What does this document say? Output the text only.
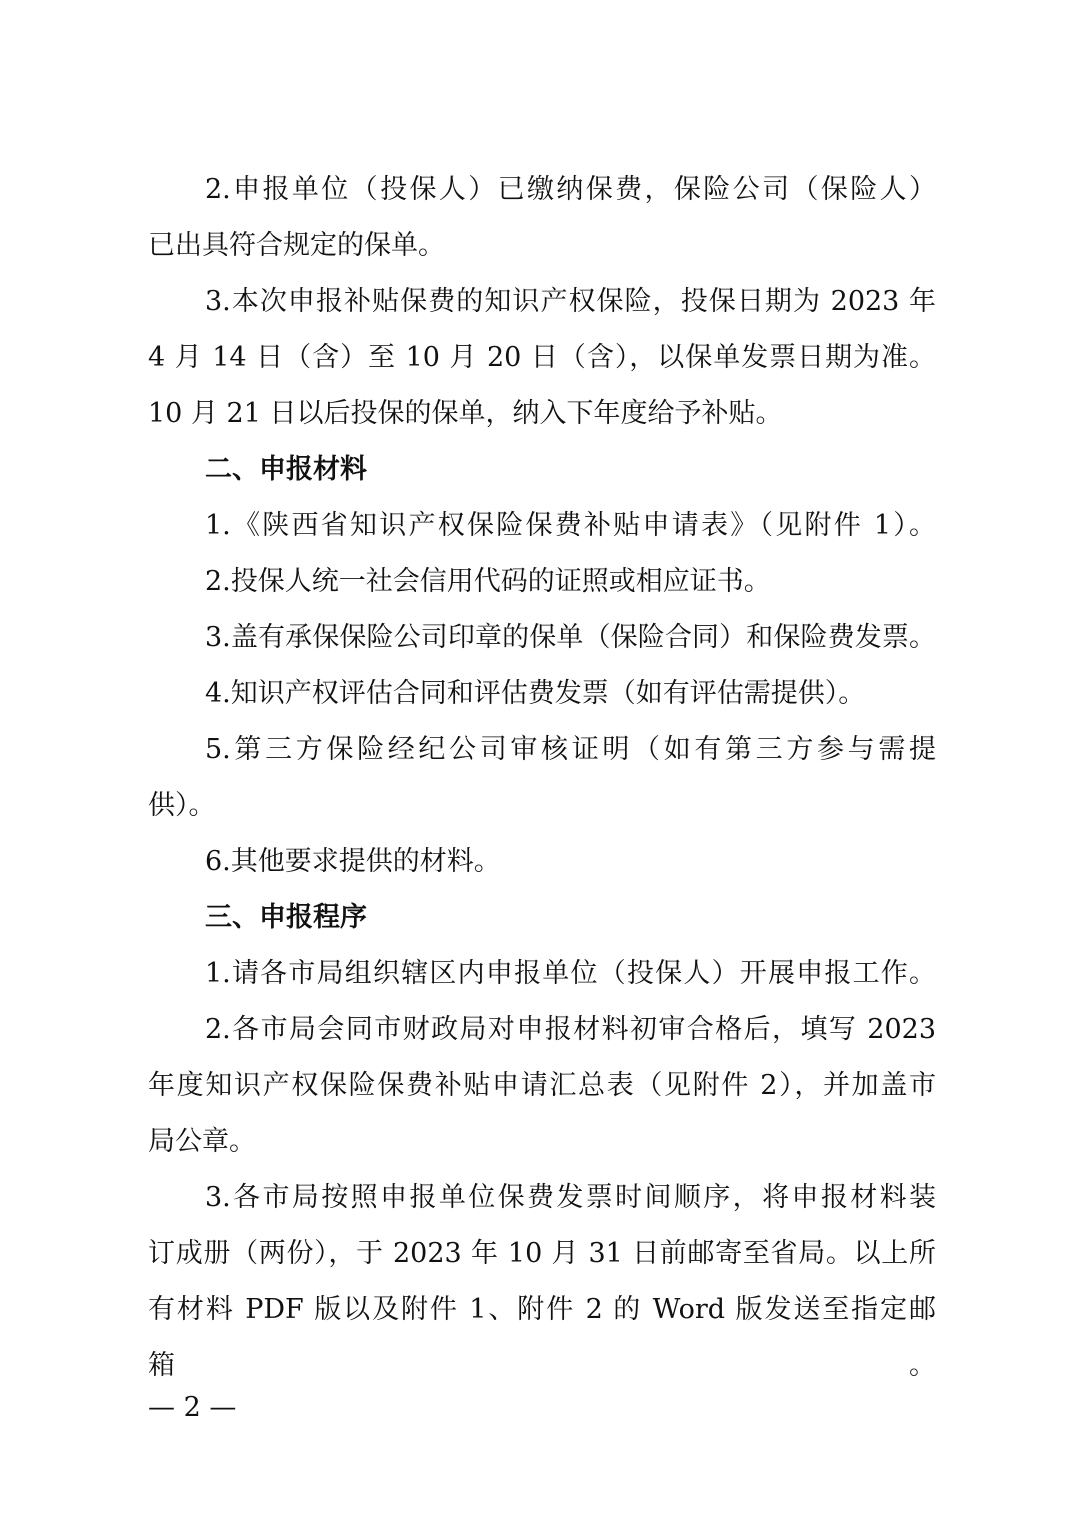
2.申报单位（投保人）已缴纳保费，保险公司（保险人）
已出具符合规定的保单。
3.本次申报补贴保费的知识产权保险，投保日期为 2023 年
4 月 14 日（含）至 10 月 20 日（含），以保单发票日期为准。
10 月 21 日以后投保的保单，纳入下年度给予补贴。
二、申报材料
1.《陕西省知识产权保险保费补贴申请表》（见附件 1）。
2.投保人统一社会信用代码的证照或相应证书。
3.盖有承保保险公司印章的保单（保险合同）和保险费发票。
4.知识产权评估合同和评估费发票（如有评估需提供）。
5.第三方保险经纪公司审核证明（如有第三方参与需提
供）。
6.其他要求提供的材料。
三、申报程序
1.请各市局组织辖区内申报单位（投保人）开展申报工作。
2.各市局会同市财政局对申报材料初审合格后，填写 2023
年度知识产权保险保费补贴申请汇总表（见附件 2），并加盖市
局公章。
3.各市局按照申报单位保费发票时间顺序，将申报材料装
订成册（两份），于 2023 年 10 月 31 日前邮寄至省局。以上所
有材料 PDF 版以及附件 1、附件 2 的 Word 版发送至指定邮箱。
— 2 —
